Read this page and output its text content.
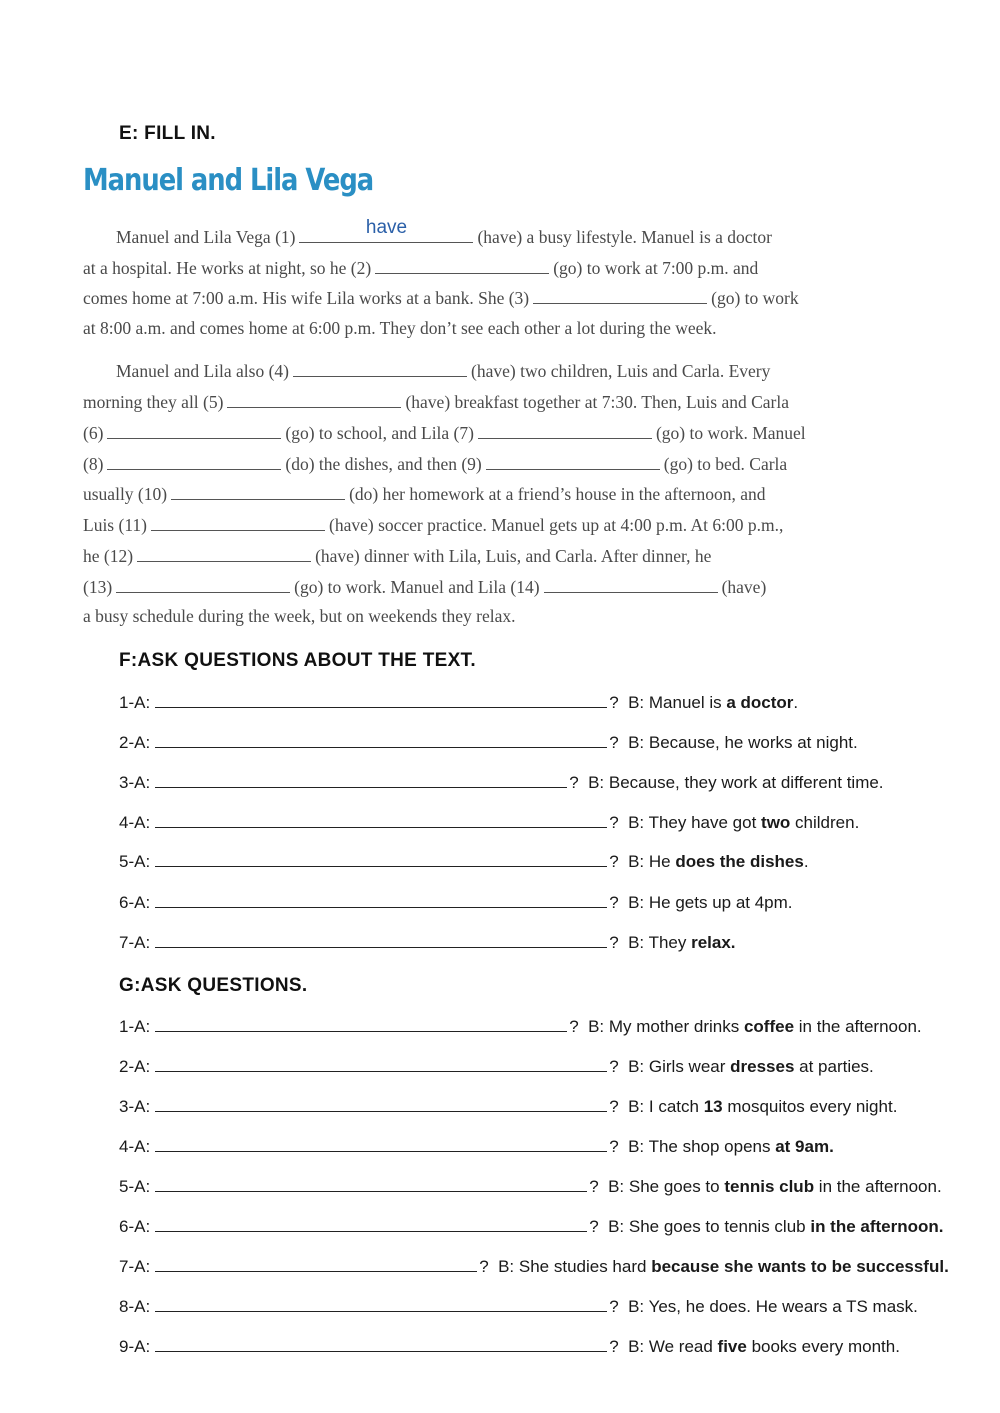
E: FILL IN.
Manuel and Lila Vega
Manuel and Lila Vega (1)	have	(have) a busy lifestyle. Manuel is a doctor
at a hospital. He works at night, so he (2)	(go) to work at 7:00 p.m. and
comes home at 7:00 a.m. His wife Lila works at a bank. She (3)	(go) to work
at 8:00 a.m. and comes home at 6:00 p.m. They don’t see each other a lot during the week.
Manuel and Lila also (4)	(have) two children, Luis and Carla. Every
morning they all (5)	(have) breakfast together at 7:30. Then, Luis and Carla
(6)	(go) to school, and Lila (7)	(go) to work. Manuel
(8)	(do) the dishes, and then (9)	(go) to bed. Carla
usually (10)	(do) her homework at a friend’s house in the afternoon, and
Luis (11)	(have) soccer practice. Manuel gets up at 4:00 p.m. At 6:00 p.m.,
he (12)	(have) dinner with Lila, Luis, and Carla. After dinner, he
(13)	(go) to work. Manuel and Lila (14)	(have)
a busy schedule during the week, but on weekends they relax.
F:ASK QUESTIONS ABOUT THE TEXT.
1-A:	?  B: Manuel is a doctor.
2-A:	?  B: Because, he works at night.
3-A:	?  B: Because, they work at different time.
4-A:	?  B: They have got two children.
5-A:	?  B: He does the dishes.
6-A:	?  B: He gets up at 4pm.
7-A:	?  B: They relax.
G:ASK QUESTIONS.
1-A:	?  B: My mother drinks coffee in the afternoon.
2-A:	?  B: Girls wear dresses at parties.
3-A:	?  B: I catch 13 mosquitos every night.
4-A:	?  B: The shop opens at 9am.
5-A:	?  B: She goes to tennis club in the afternoon.
6-A:	?  B: She goes to tennis club in the afternoon.
7-A:	?  B: She studies hard because she wants to be successful.
8-A:	?  B: Yes, he does. He wears a TS mask.
9-A:	?  B: We read five books every month.
